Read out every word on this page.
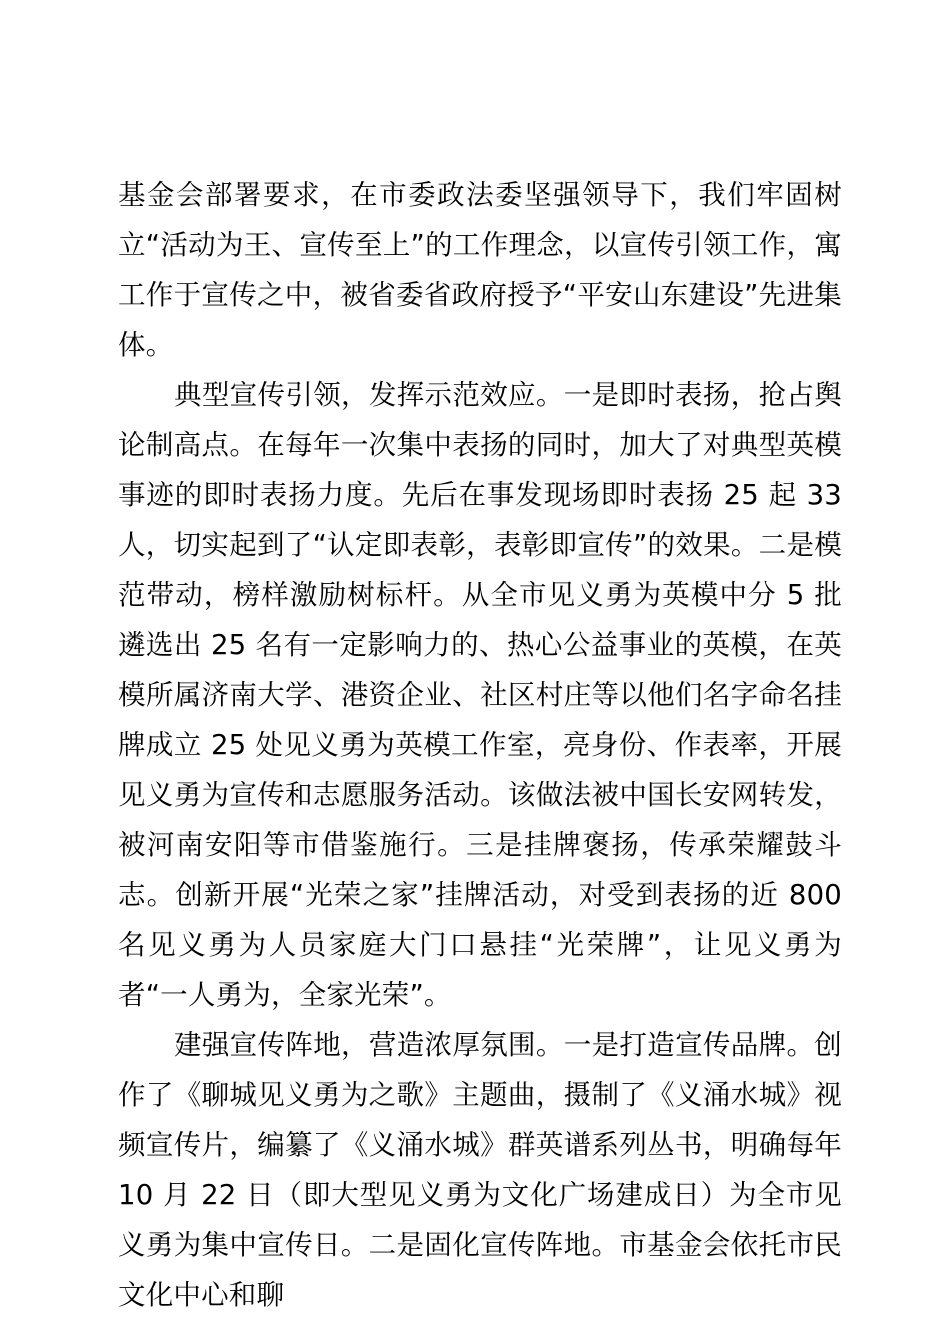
基金会部署要求，在市委政法委坚强领导下，我们牢固树立“活动为王、宣传至上”的工作理念，以宣传引领工作，寓工作于宣传之中，被省委省政府授予“平安山东建设”先进集体。

典型宣传引领，发挥示范效应。一是即时表扬，抢占舆论制高点。在每年一次集中表扬的同时，加大了对典型英模事迹的即时表扬力度。先后在事发现场即时表扬 25 起 33 人，切实起到了“认定即表彰，表彰即宣传”的效果。二是模范带动，榜样激励树标杆。从全市见义勇为英模中分 5 批遴选出 25 名有一定影响力的、热心公益事业的英模，在英模所属济南大学、港资企业、社区村庄等以他们名字命名挂牌成立 25 处见义勇为英模工作室，亮身份、作表率，开展见义勇为宣传和志愿服务活动。该做法被中国长安网转发，被河南安阳等市借鉴施行。三是挂牌褒扬，传承荣耀鼓斗志。创新开展“光荣之家”挂牌活动，对受到表扬的近 800 名见义勇为人员家庭大门口悬挂“光荣牌”，让见义勇为者“一人勇为，全家光荣”。

建强宣传阵地，营造浓厚氛围。一是打造宣传品牌。创作了《聊城见义勇为之歌》主题曲，摄制了《义涌水城》视频宣传片，编纂了《义涌水城》群英谱系列丛书，明确每年 10 月 22 日（即大型见义勇为文化广场建成日）为全市见义勇为集中宣传日。二是固化宣传阵地。市基金会依托市民文化中心和聊
